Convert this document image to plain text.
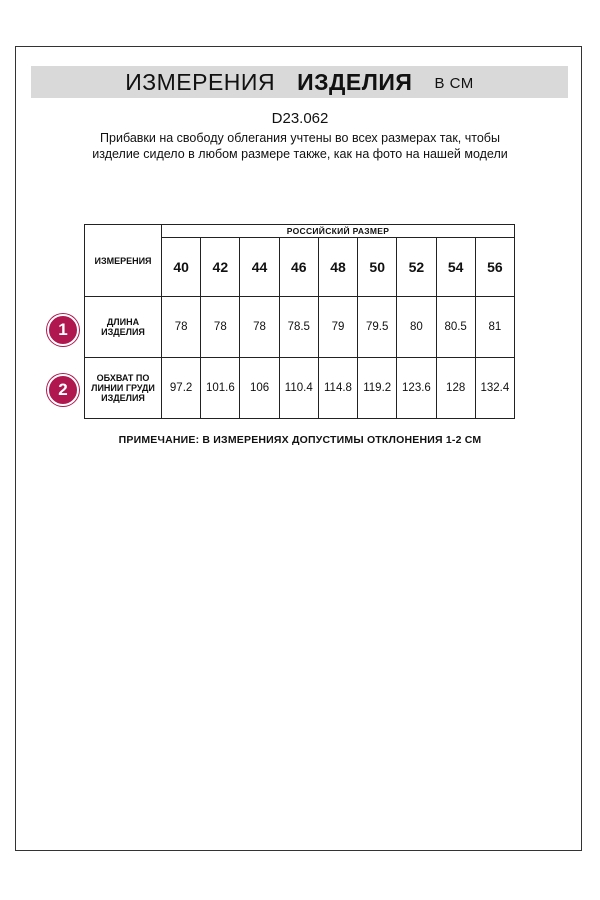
ИЗМЕРЕНИЯ ИЗДЕЛИЯ В СМ
D23.062
Прибавки на свободу облегания учтены во всех размерах так, чтобы изделие сидело в любом размере также, как на фото на нашей модели
ИЗМЕРЕНИЯ	РОССИЙСКИЙ РАЗМЕР								
	40	42	44	46	48	50	52	54	56
ДЛИНА ИЗДЕЛИЯ	78	78	78	78.5	79	79.5	80	80.5	81
ОБХВАТ ПО ЛИНИИ ГРУДИ ИЗДЕЛИЯ	97.2	101.6	106	110.4	114.8	119.2	123.6	128	132.4
1
2
ПРИМЕЧАНИЕ: В ИЗМЕРЕНИЯХ ДОПУСТИМЫ ОТКЛОНЕНИЯ 1-2 СМ
